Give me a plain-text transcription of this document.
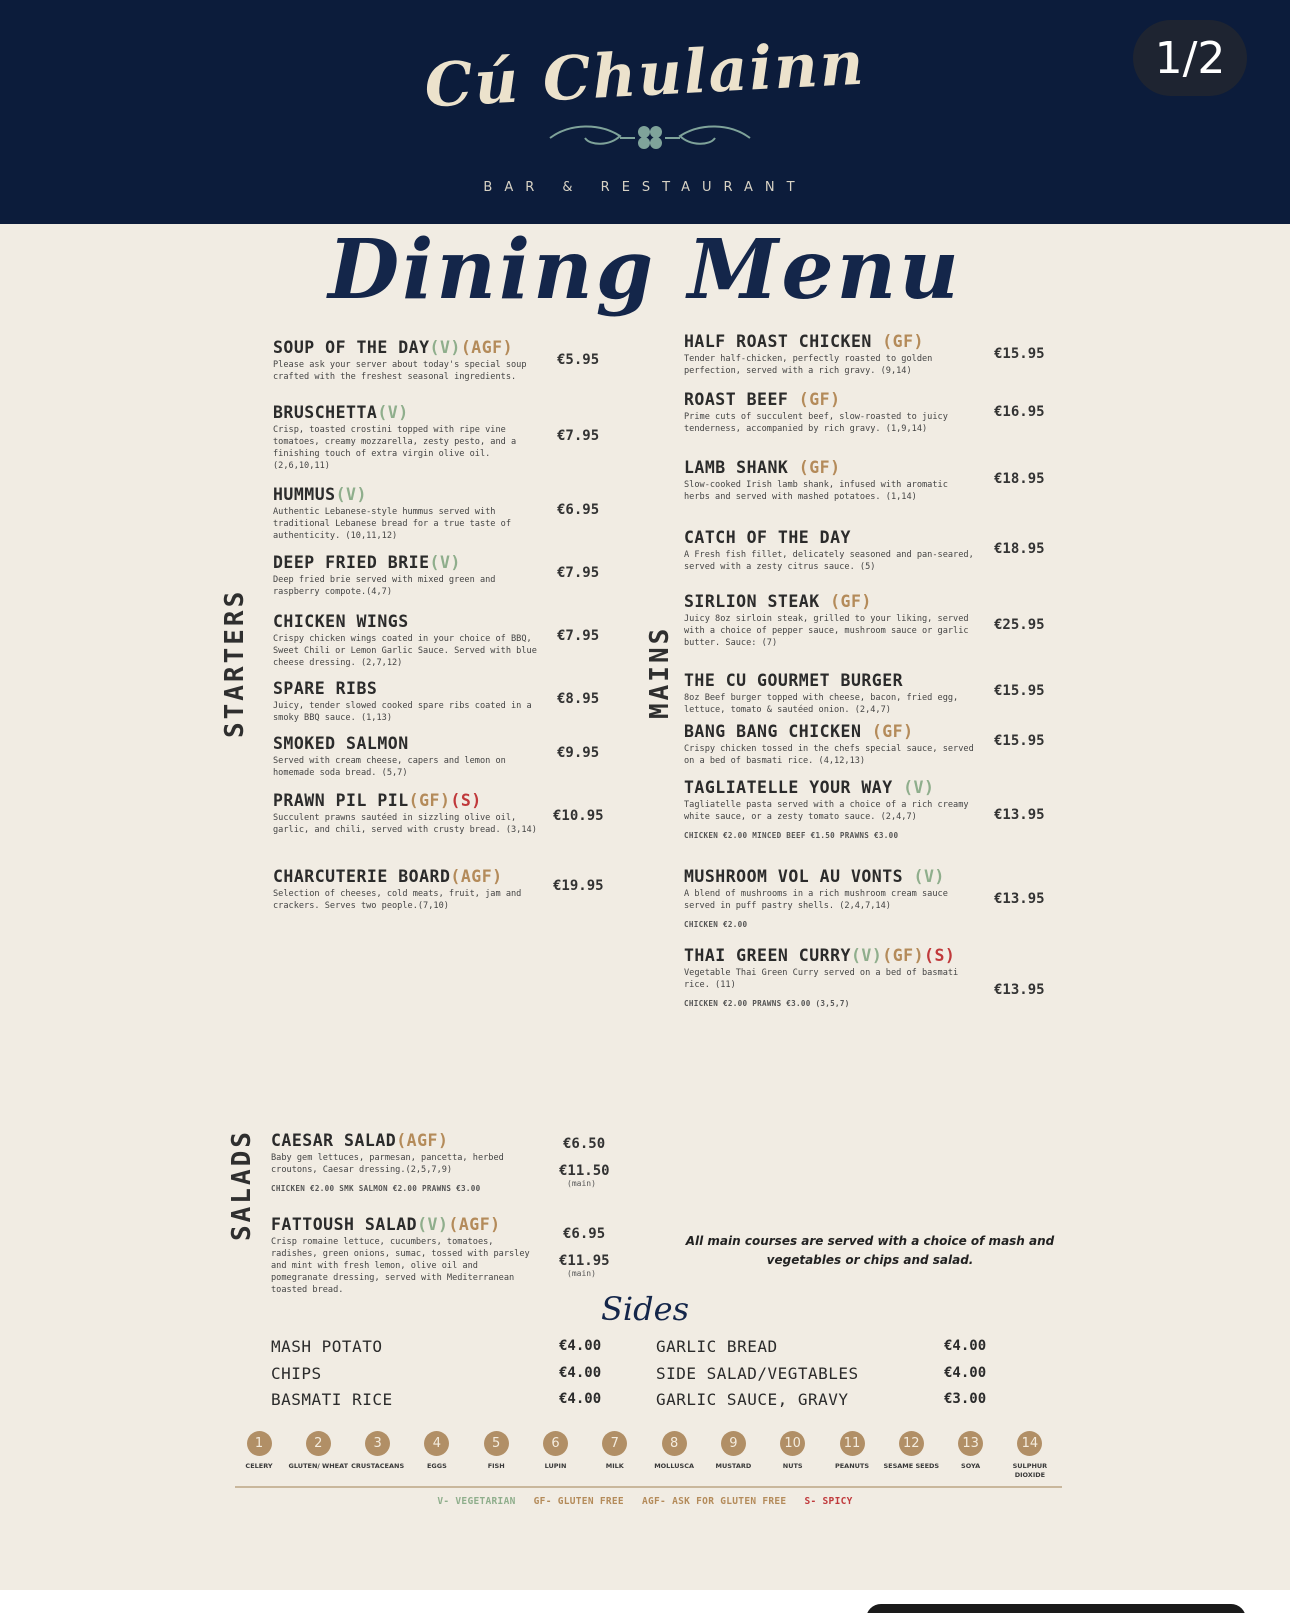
Cú Chulainn
BAR & RESTAURANT
1/2
Dining Menu
STARTERS	MAINS
SALADS
SOUP OF THE DAY(V)(AGF)
Please ask your server about today's special soup crafted with the freshest seasonal ingredients.
€5.95
BRUSCHETTA(V)
Crisp, toasted crostini topped with ripe vine tomatoes, creamy mozzarella, zesty pesto, and a finishing touch of extra virgin olive oil. (2,6,10,11)
€7.95
HUMMUS(V)
Authentic Lebanese-style hummus served with traditional Lebanese bread for a true taste of authenticity. (10,11,12)
€6.95
DEEP FRIED BRIE(V)
Deep fried brie served with mixed green and raspberry compote.(4,7)
€7.95
CHICKEN WINGS
Crispy chicken wings coated in your choice of BBQ, Sweet Chili or Lemon Garlic Sauce. Served with blue cheese dressing. (2,7,12)
€7.95
SPARE RIBS
Juicy, tender slowed cooked spare ribs coated in a smoky BBQ sauce. (1,13)
€8.95
SMOKED SALMON
Served with cream cheese, capers and lemon on homemade soda bread. (5,7)
€9.95
PRAWN PIL PIL(GF)(S)
Succulent prawns sautéed in sizzling olive oil, garlic, and chili, served with crusty bread. (3,14)
€10.95
CHARCUTERIE BOARD(AGF)
Selection of cheeses, cold meats, fruit, jam and crackers. Serves two people.(7,10)
€19.95
HALF ROAST CHICKEN (GF)
Tender half-chicken, perfectly roasted to golden perfection, served with a rich gravy. (9,14)
€15.95
ROAST BEEF (GF)
Prime cuts of succulent beef, slow-roasted to juicy tenderness, accompanied by rich gravy. (1,9,14)
€16.95
LAMB SHANK (GF)
Slow-cooked Irish lamb shank, infused with aromatic herbs and served with mashed potatoes. (1,14)
€18.95
CATCH OF THE DAY
A Fresh fish fillet, delicately seasoned and pan-seared, served with a zesty citrus sauce. (5)
€18.95
SIRLION STEAK (GF)
Juicy 8oz sirloin steak, grilled to your liking, served with a choice of pepper sauce, mushroom sauce or garlic butter. Sauce: (7)
€25.95
THE CU GOURMET BURGER
8oz Beef burger topped with cheese, bacon, fried egg, lettuce, tomato & sautéed onion. (2,4,7)
€15.95
BANG BANG CHICKEN (GF)
Crispy chicken tossed in the chefs special sauce, served on a bed of basmati rice. (4,12,13)
€15.95
TAGLIATELLE YOUR WAY (V)
Tagliatelle pasta served with a choice of a rich creamy white sauce, or a zesty tomato sauce. (2,4,7)
CHICKEN €2.00 MINCED BEEF €1.50 PRAWNS €3.00
€13.95
MUSHROOM VOL AU VONTS (V)
A blend of mushrooms in a rich mushroom cream sauce served in puff pastry shells. (2,4,7,14)
CHICKEN €2.00
€13.95
THAI GREEN CURRY(V)(GF)(S)
Vegetable Thai Green Curry served on a bed of basmati rice. (11)
CHICKEN €2.00 PRAWNS €3.00 (3,5,7)
€13.95
CAESAR SALAD(AGF)
Baby gem lettuces, parmesan, pancetta, herbed croutons, Caesar dressing.(2,5,7,9)
CHICKEN €2.00 SMK SALMON €2.00 PRAWNS €3.00
€6.50
€11.50
(main)
FATTOUSH SALAD(V)(AGF)
Crisp romaine lettuce, cucumbers, tomatoes, radishes, green onions, sumac, tossed with parsley and mint with fresh lemon, olive oil and pomegranate dressing, served with Mediterranean toasted bread.
€6.95
€11.95
(main)
All main courses are served with a choice of mash and vegetables or chips and salad.
Sides
MASH POTATO	€4.00
CHIPS	€4.00
BASMATI RICE	€4.00
GARLIC BREAD	€4.00
SIDE SALAD/VEGTABLES	€4.00
GARLIC SAUCE, GRAVY	€3.00
1
CELERY
2
GLUTEN/ WHEAT
3
CRUSTACEANS
4
EGGS
5
FISH
6
LUPIN
7
MILK
8
MOLLUSCA
9
MUSTARD
10
NUTS
11
PEANUTS
12
SESAME SEEDS
13
SOYA
14
SULPHUR DIOXIDE
V- VEGETARIAN GF- GLUTEN FREE AGF- ASK FOR GLUTEN FREE S- SPICY
